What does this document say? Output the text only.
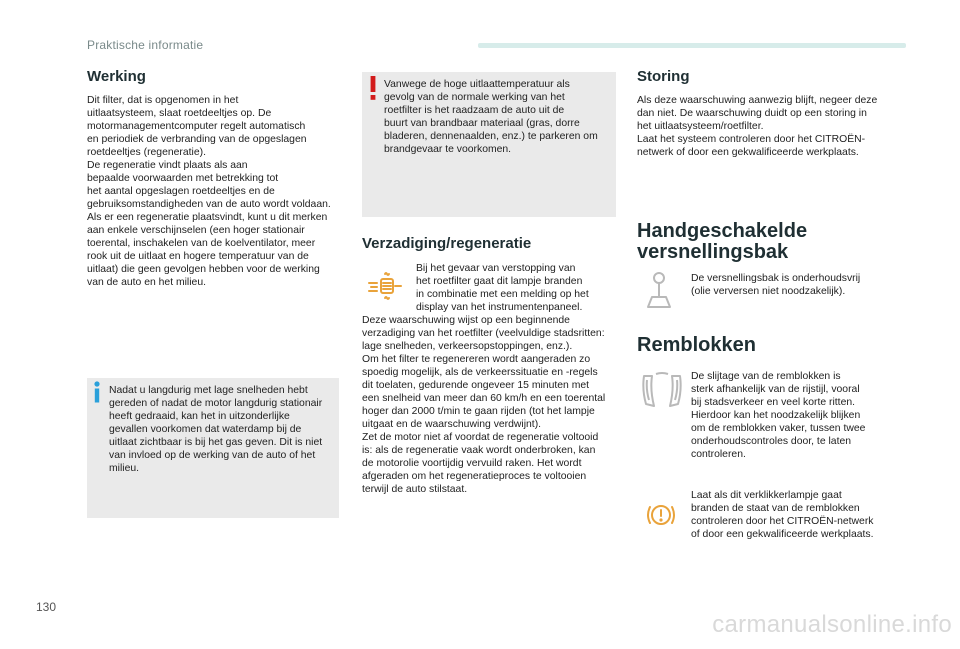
Praktische informatie
Werking
Dit filter, dat is opgenomen in het
uitlaatsysteem, slaat roetdeeltjes op. De
motormanagementcomputer regelt automatisch
en periodiek de verbranding van de opgeslagen
roetdeeltjes (regeneratie).
De regeneratie vindt plaats als aan
bepaalde voorwaarden met betrekking tot
het aantal opgeslagen roetdeeltjes en de
gebruiksomstandigheden van de auto wordt voldaan.
Als er een regeneratie plaatsvindt, kunt u dit merken
aan enkele verschijnselen (een hoger stationair
toerental, inschakelen van de koelventilator, meer
rook uit de uitlaat en hogere temperatuur van de
uitlaat) die geen gevolgen hebben voor de werking
van de auto en het milieu.
Nadat u langdurig met lage snelheden hebt
gereden of nadat de motor langdurig stationair
heeft gedraaid, kan het in uitzonderlijke
gevallen voorkomen dat waterdamp bij de
uitlaat zichtbaar is bij het gas geven. Dit is niet
van invloed op de werking van de auto of het
milieu.
Vanwege de hoge uitlaattemperatuur als
gevolg van de normale werking van het
roetfilter is het raadzaam de auto uit de
buurt van brandbaar materiaal (gras, dorre
bladeren, dennenaalden, enz.) te parkeren om
brandgevaar te voorkomen.
Verzadiging/regeneratie
Bij het gevaar van verstopping van
het roetfilter gaat dit lampje branden
in combinatie met een melding op het
display van het instrumentenpaneel.
Deze waarschuwing wijst op een beginnende
verzadiging van het roetfilter (veelvuldige stadsritten:
lage snelheden, verkeersopstoppingen, enz.).
Om het filter te regenereren wordt aangeraden zo
spoedig mogelijk, als de verkeerssituatie en -regels
dit toelaten, gedurende ongeveer 15 minuten met
een snelheid van meer dan 60 km/h en een toerental
hoger dan 2000 t/min te gaan rijden (tot het lampje
uitgaat en de waarschuwing verdwijnt).
Zet de motor niet af voordat de regeneratie voltooid
is: als de regeneratie vaak wordt onderbroken, kan
de motorolie voortijdig vervuild raken. Het wordt
afgeraden om het regeneratieproces te voltooien
terwijl de auto stilstaat.
Storing
Als deze waarschuwing aanwezig blijft, negeer deze
dan niet. De waarschuwing duidt op een storing in
het uitlaatsysteem/roetfilter.
Laat het systeem controleren door het CITROËN-
netwerk of door een gekwalificeerde werkplaats.
Handgeschakelde
versnellingsbak
De versnellingsbak is onderhoudsvrij
(olie verversen niet noodzakelijk).
Remblokken
De slijtage van de remblokken is
sterk afhankelijk van de rijstijl, vooral
bij stadsverkeer en veel korte ritten.
Hierdoor kan het noodzakelijk blijken
om de remblokken vaker, tussen twee
onderhoudscontroles door, te laten
controleren.
Laat als dit verklikkerlampje gaat
branden de staat van de remblokken
controleren door het CITROËN-netwerk
of door een gekwalificeerde werkplaats.
130
carmanualsonline.info
